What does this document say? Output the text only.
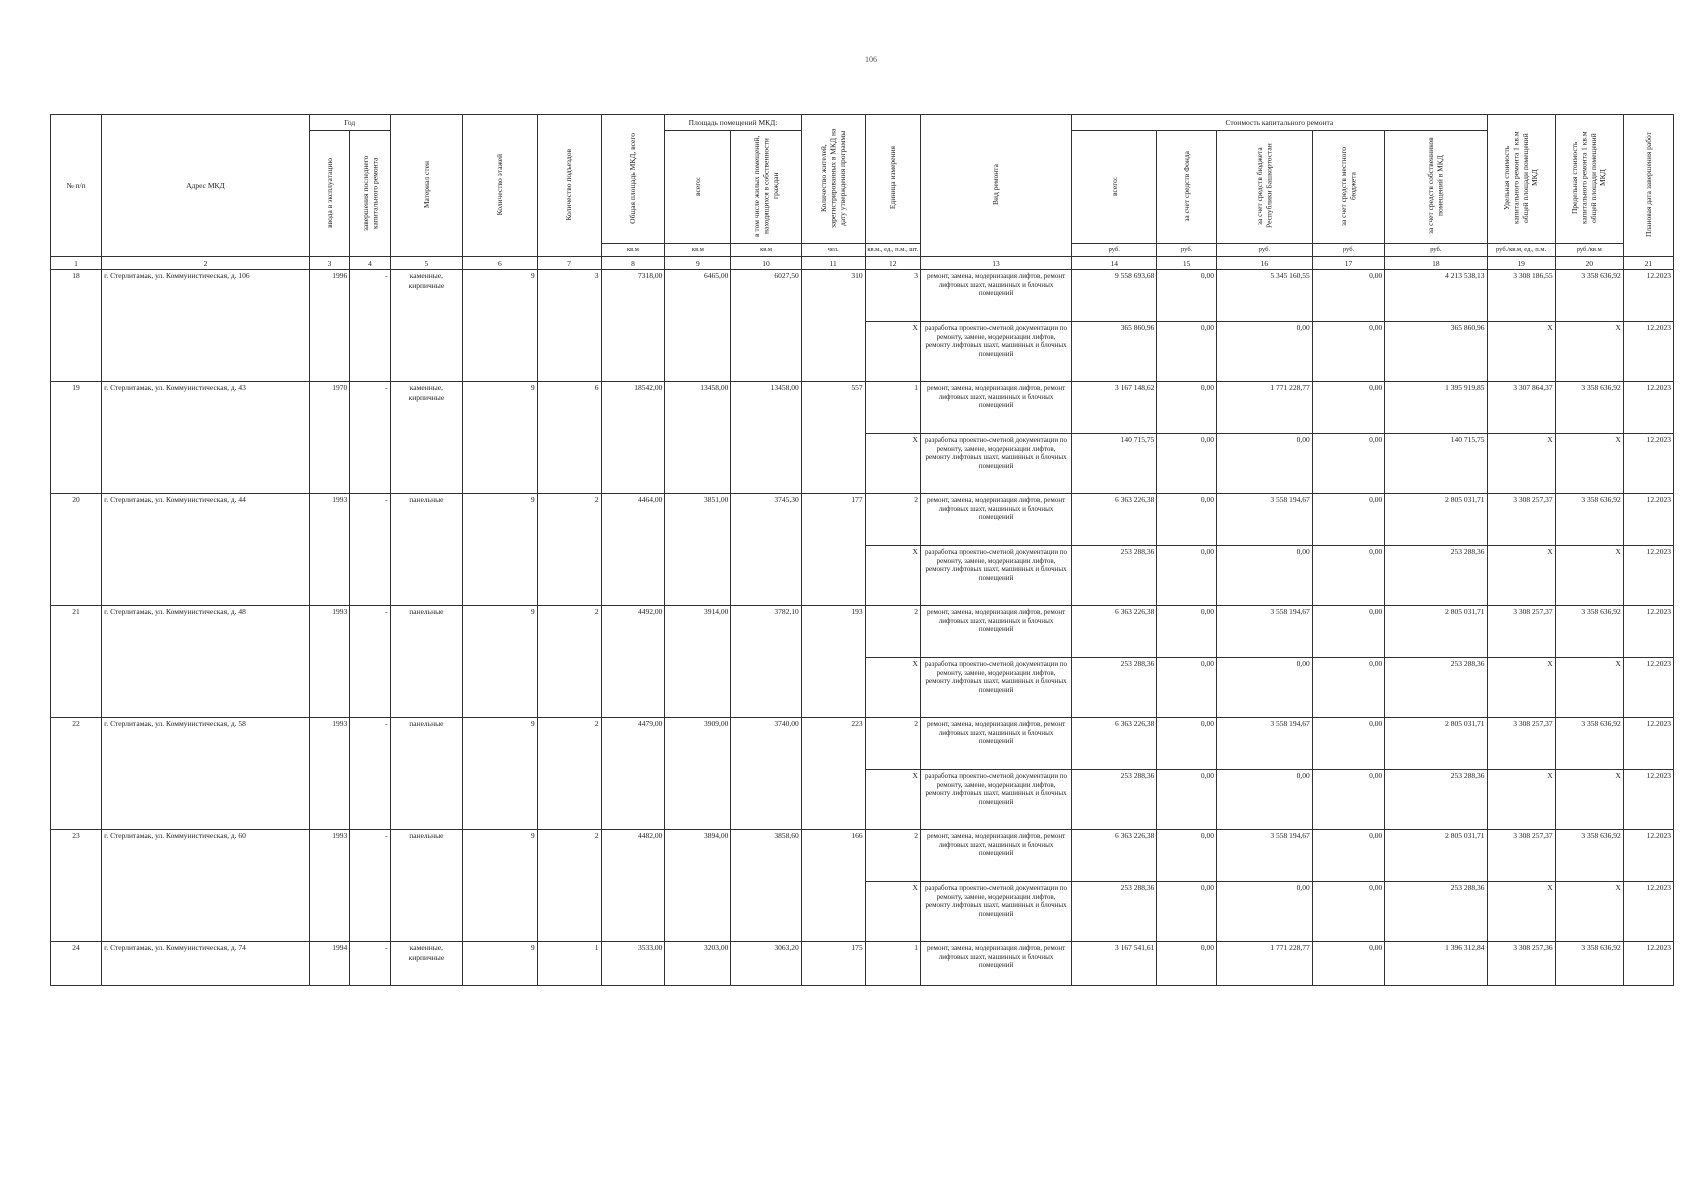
106
№ п/п	Адрес МКД	Год		Материал стен	Количество этажей	Количество подъездов	Общая площадь МКД, всего	Площадь помещений МКД:		Количество жителей, зарегистрированных в МКД на дату утверждения программы	Единица измерения	Вид ремонта	Стоимость капитального ремонта					Удельная стоимость капитального ремонта 1 кв.м общей площади помещений МКД	Предельная стоимость капитального ремонта 1 кв.м общей площади помещений МКД	Плановая дата завершения работ
		ввода в эксплуатацию	завершения последнего капитального ремонта					всего:	в том числе жилых помещений, находящихся в собственности граждан				всего:	за счет средств Фонда	за счет средств бюджета Республики Башкортостан	за счет средств местного бюджета	за счет средств собственников помещений в МКД			
							кв.м	кв.м	кв.м	чел.	кв.м., ед., п.м., шт.		руб.	руб.	руб.	руб.	руб.	руб./кв.м, ед., п.м.	руб./кв.м	
1	2	3	4	5	6	7	8	9	10	11	12	13	14	15	16	17	18	19	20	21
18	г. Стерлитамак, ул. Коммунистическая, д. 106	1996	-	каменные, кирпичные	9	3	7318,00	6465,00	6027,50	310	3	ремонт, замена, модернизация лифтов, ремонт лифтовых шахт, машинных и блочных помещений	9 558 693,68	0,00	5 345 160,55	0,00	4 213 538,13	3 308 186,55	3 358 636,92	12.2023
											X	разработка проектно-сметной документации по ремонту, замене, модернизации лифтов, ремонту лифтовых шахт, машинных и блочных помещений	365 860,96	0,00	0,00	0,00	365 860,96	X	X	12.2023
19	г. Стерлитамак, ул. Коммунистическая, д. 43	1970	-	каменные, кирпичные	9	6	18542,00	13458,00	13458,00	557	1	ремонт, замена, модернизация лифтов, ремонт лифтовых шахт, машинных и блочных помещений	3 167 148,62	0,00	1 771 228,77	0,00	1 395 919,85	3 307 864,37	3 358 636,92	12.2023
											X	разработка проектно-сметной документации по ремонту, замене, модернизации лифтов, ремонту лифтовых шахт, машинных и блочных помещений	140 715,75	0,00	0,00	0,00	140 715,75	X	X	12.2023
20	г. Стерлитамак, ул. Коммунистическая, д. 44	1993	-	панельные	9	2	4464,00	3851,00	3745,30	177	2	ремонт, замена, модернизация лифтов, ремонт лифтовых шахт, машинных и блочных помещений	6 363 226,38	0,00	3 558 194,67	0,00	2 805 031,71	3 308 257,37	3 358 636,92	12.2023
											X	разработка проектно-сметной документации по ремонту, замене, модернизации лифтов, ремонту лифтовых шахт, машинных и блочных помещений	253 288,36	0,00	0,00	0,00	253 288,36	X	X	12.2023
21	г. Стерлитамак, ул. Коммунистическая, д. 48	1993	-	панельные	9	2	4492,00	3914,00	3782,10	193	2	ремонт, замена, модернизация лифтов, ремонт лифтовых шахт, машинных и блочных помещений	6 363 226,38	0,00	3 558 194,67	0,00	2 805 031,71	3 308 257,37	3 358 636,92	12.2023
											X	разработка проектно-сметной документации по ремонту, замене, модернизации лифтов, ремонту лифтовых шахт, машинных и блочных помещений	253 288,36	0,00	0,00	0,00	253 288,36	X	X	12.2023
22	г. Стерлитамак, ул. Коммунистическая, д. 58	1993	-	панельные	9	2	4479,00	3909,00	3740,00	223	2	ремонт, замена, модернизация лифтов, ремонт лифтовых шахт, машинных и блочных помещений	6 363 226,38	0,00	3 558 194,67	0,00	2 805 031,71	3 308 257,37	3 358 636,92	12.2023
											X	разработка проектно-сметной документации по ремонту, замене, модернизации лифтов, ремонту лифтовых шахт, машинных и блочных помещений	253 288,36	0,00	0,00	0,00	253 288,36	X	X	12.2023
23	г. Стерлитамак, ул. Коммунистическая, д. 60	1993	-	панельные	9	2	4482,00	3894,00	3858,60	166	2	ремонт, замена, модернизация лифтов, ремонт лифтовых шахт, машинных и блочных помещений	6 363 226,38	0,00	3 558 194,67	0,00	2 805 031,71	3 308 257,37	3 358 636,92	12.2023
											X	разработка проектно-сметной документации по ремонту, замене, модернизации лифтов, ремонту лифтовых шахт, машинных и блочных помещений	253 288,36	0,00	0,00	0,00	253 288,36	X	X	12.2023
24	г. Стерлитамак, ул. Коммунистическая, д. 74	1994	-	каменные, кирпичные	9	1	3533,00	3203,00	3063,20	175	1	ремонт, замена, модернизация лифтов, ремонт лифтовых шахт, машинных и блочных помещений	3 167 541,61	0,00	1 771 228,77	0,00	1 396 312,84	3 308 257,36	3 358 636,92	12.2023
